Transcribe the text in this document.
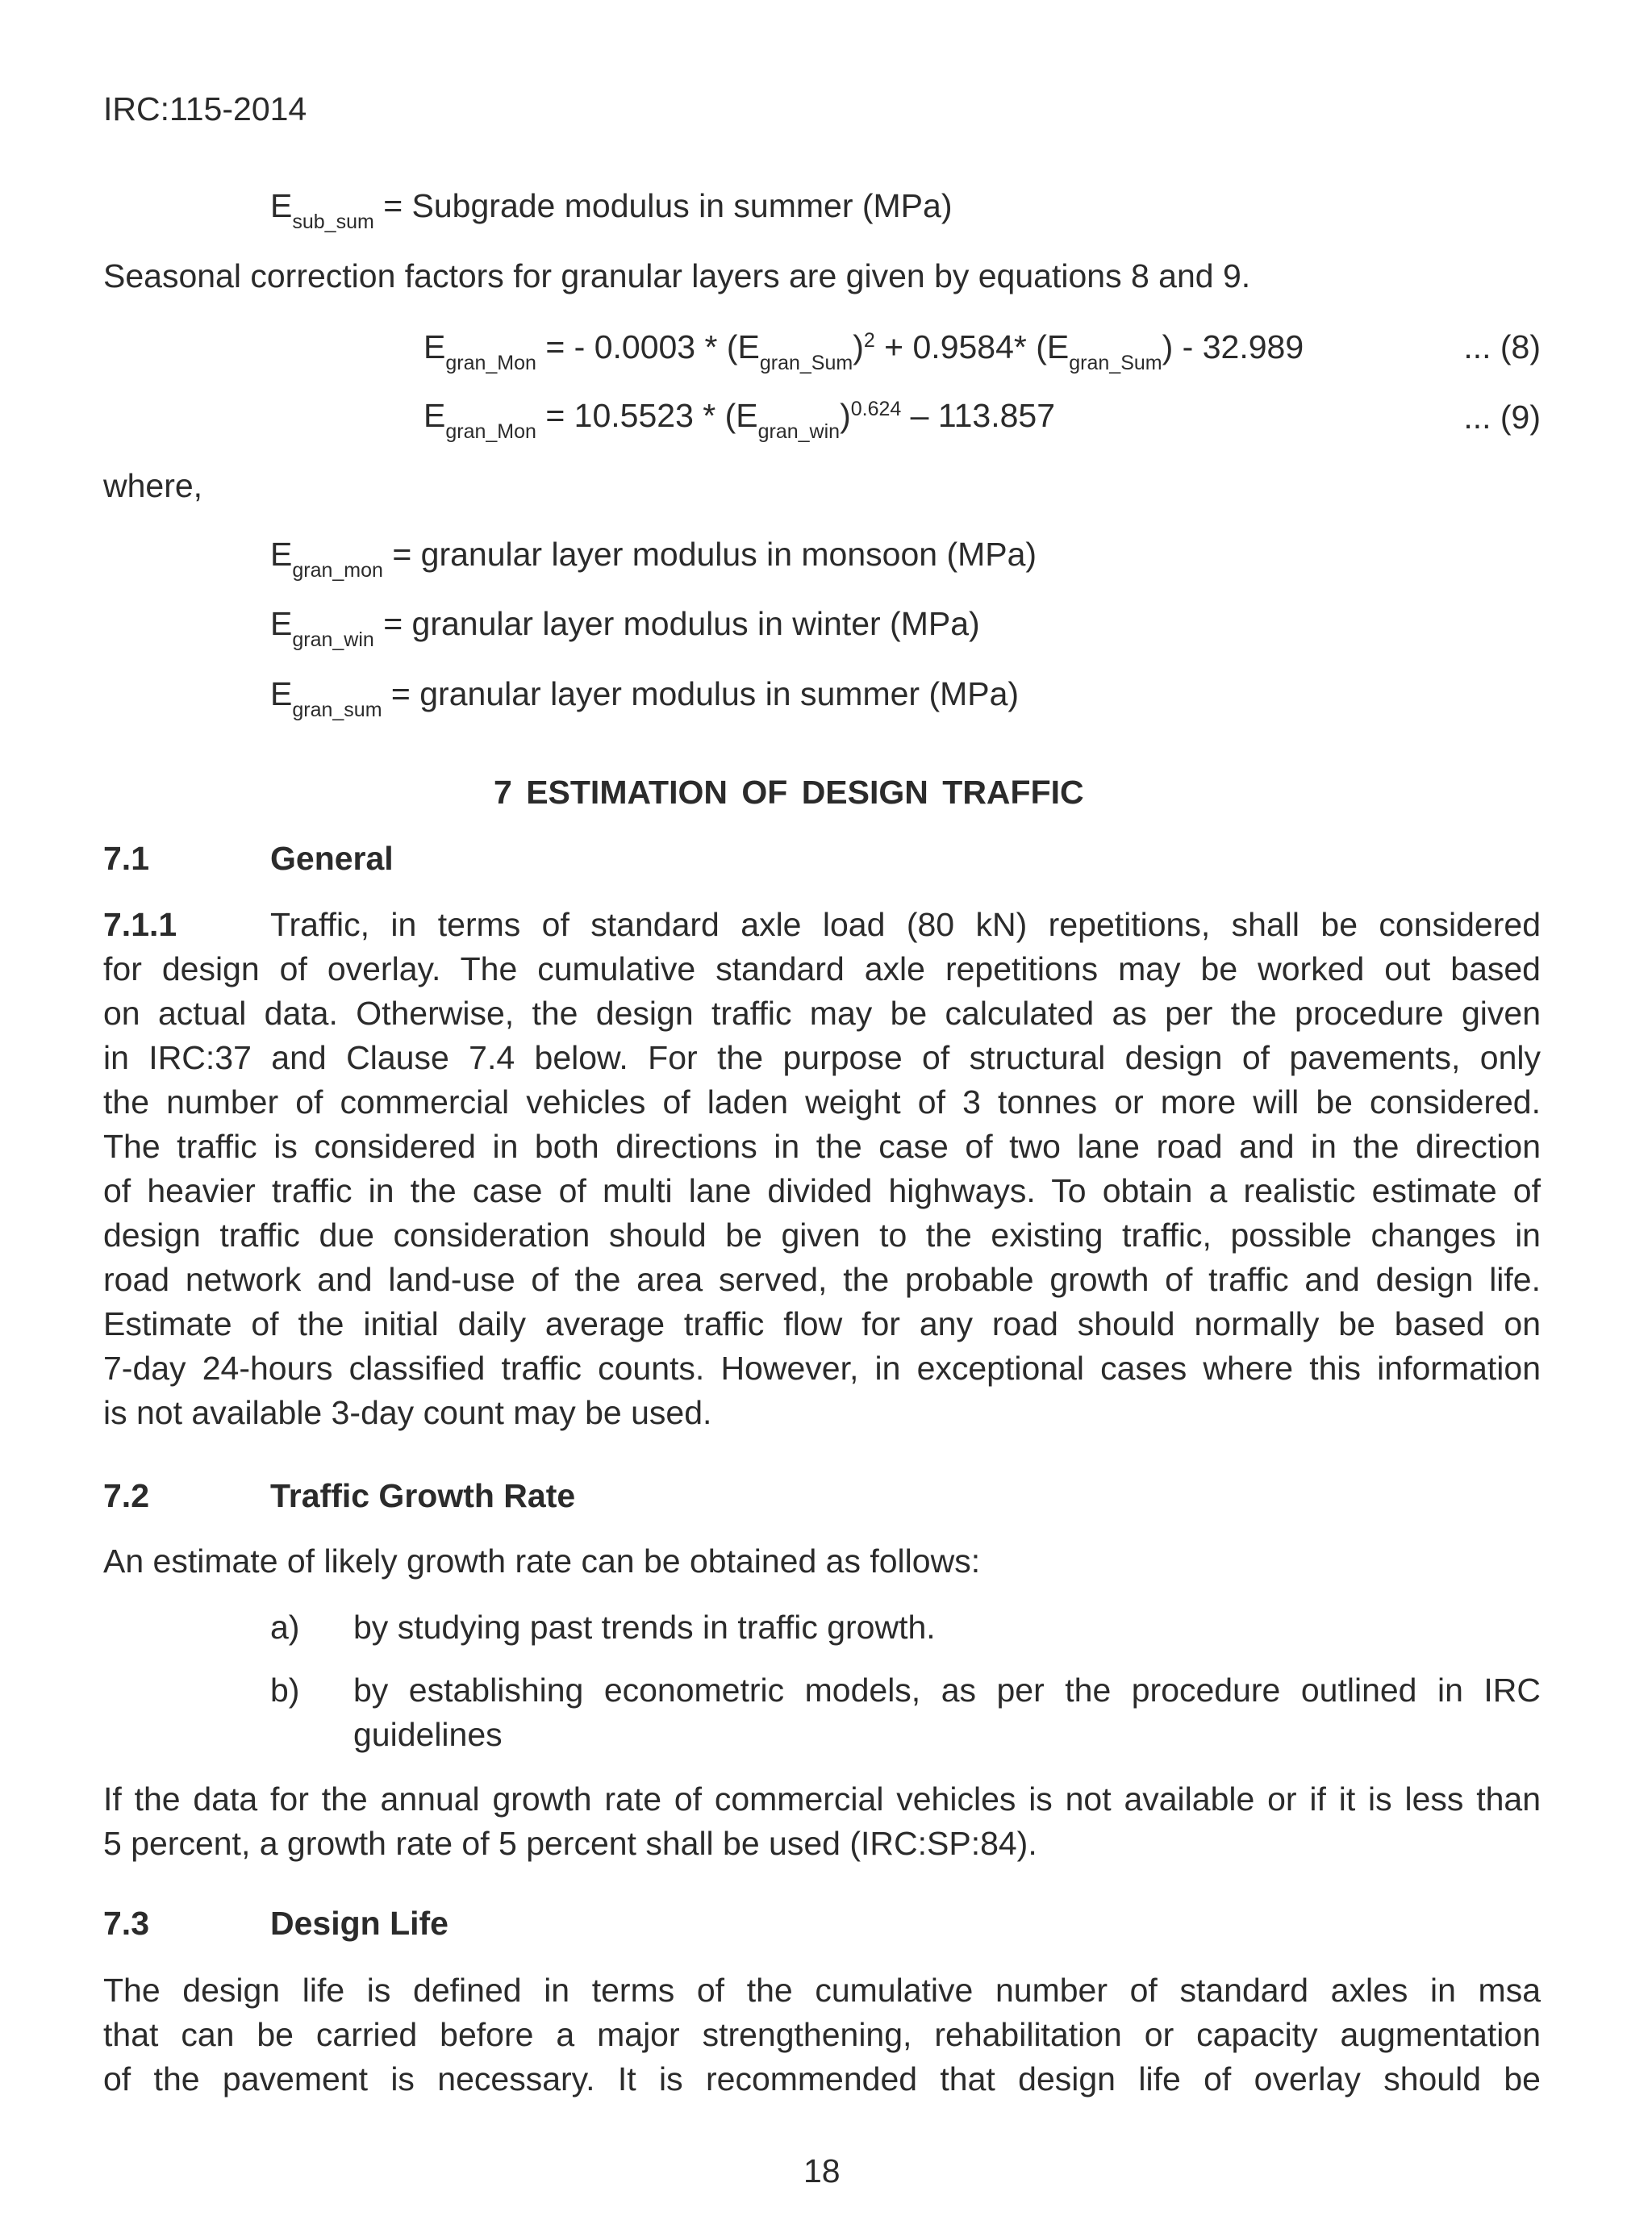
IRC:115-2014
$E_{sub\_sum}$ = Subgrade modulus in summer (MPa)
Seasonal correction factors for granular layers are given by equations 8 and 9.
$E_{gran\_Mon}$ = - $0.0003 * (E_{gran\_Sum})^2 + 0.9584*$ $(E_{gran\_Sum}) - 32.989$	... (8)
$E_{gran\_Mon} = 10.5523 * (E_{gran\_win})^{0.624} - 113.857$	... (9)
where,
$E_{gran\_mon}$ = granular layer modulus in monsoon (MPa)
$E_{gran\_win}$ = granular layer modulus in winter (MPa)
$E_{gran\_sum}$ = granular layer modulus in summer (MPa)
7 ESTIMATION OF DESIGN TRAFFIC
7.1	General
7.1.1	Traffic, in terms of standard axle load (80 kN) repetitions, shall be considered
for design of overlay. The cumulative standard axle repetitions may be worked out based
on actual data. Otherwise, the design traffic may be calculated as per the procedure given
in IRC:37 and Clause 7.4 below. For the purpose of structural design of pavements, only
the number of commercial vehicles of laden weight of 3 tonnes or more will be considered.
The traffic is considered in both directions in the case of two lane road and in the direction
of heavier traffic in the case of multi lane divided highways. To obtain a realistic estimate of
design traffic due consideration should be given to the existing traffic, possible changes in
road network and land-use of the area served, the probable growth of traffic and design life.
Estimate of the initial daily average traffic flow for any road should normally be based on
7-day 24-hours classified traffic counts. However, in exceptional cases where this information
is not available 3-day count may be used.
7.2	Traffic Growth Rate
An estimate of likely growth rate can be obtained as follows:
a) by studying past trends in traffic growth.
b) by establishing econometric models, as per the procedure outlined in IRC
guidelines
If the data for the annual growth rate of commercial vehicles is not available or if it is less than
5 percent, a growth rate of 5 percent shall be used (IRC:SP:84).
7.3	Design Life
The design life is defined in terms of the cumulative number of standard axles in msa
that can be carried before a major strengthening, rehabilitation or capacity augmentation
of the pavement is necessary. It is recommended that design life of overlay should be
18
